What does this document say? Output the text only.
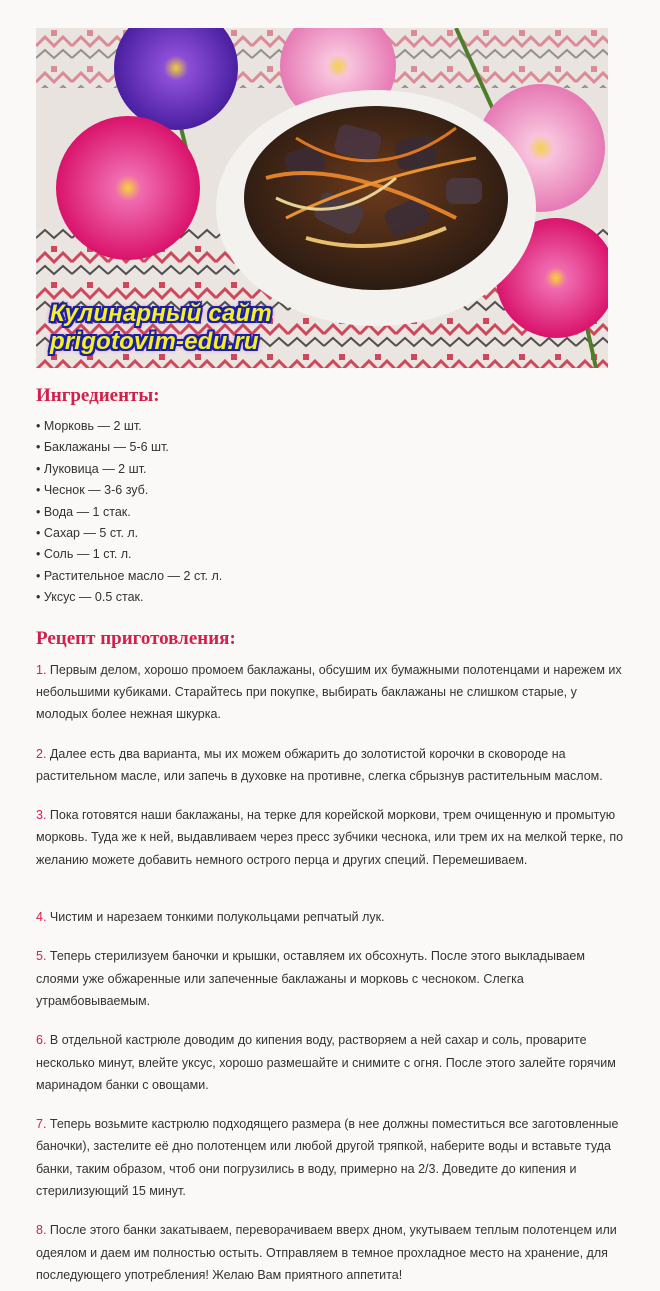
Кулинарный сайт
prigotovim-edu.ru
Ингредиенты:
• Морковь — 2 шт.
• Баклажаны — 5-6 шт.
• Луковица — 2 шт.
• Чеснок — 3-6 зуб.
• Вода — 1 стак.
• Сахар — 5 ст. л.
• Соль — 1 ст. л.
• Растительное масло — 2 ст. л.
• Уксус — 0.5 стак.
Рецепт приготовления:

1. Первым делом, хорошо промоем баклажаны, обсушим их бумажными полотенцами и нарежем их небольшими кубиками. Старайтесь при покупке, выбирать баклажаны не слишком старые, у молодых более нежная шкурка.

2. Далее есть два варианта, мы их можем обжарить до золотистой корочки в сковороде на растительном масле, или запечь в духовке на противне, слегка сбрызнув растительным маслом.

3. Пока готовятся наши баклажаны, на терке для корейской моркови, трем очищенную и промытую морковь. Туда же к ней, выдавливаем через пресс зубчики чеснока, или трем их на мелкой терке, по желанию можете добавить немного острого перца и других специй. Перемешиваем.

4. Чистим и нарезаем тонкими полукольцами репчатый лук.

5. Теперь стерилизуем баночки и крышки, оставляем их обсохнуть. После этого выкладываем слоями уже обжаренные или запеченные баклажаны и морковь с чесноком. Слегка утрамбовываемым.

6. В отдельной кастрюле доводим до кипения воду, растворяем а ней сахар и соль, проварите несколько минут, влейте уксус, хорошо размешайте и снимите с огня. После этого залейте горячим маринадом банки с овощами.

7. Теперь возьмите кастрюлю подходящего размера (в нее должны поместиться все заготовленные баночки), застелите её дно полотенцем или любой другой тряпкой, наберите воды и вставьте туда банки, таким образом, чтоб они погрузились в воду, примерно на 2/3. Доведите до кипения и стерилизующий 15 минут.

8. После этого банки закатываем, переворачиваем вверх дном, укутываем теплым полотенцем или одеялом и даем им полностью остыть. Отправляем в темное прохладное место на хранение, для последующего употребления! Желаю Вам приятного аппетита!
